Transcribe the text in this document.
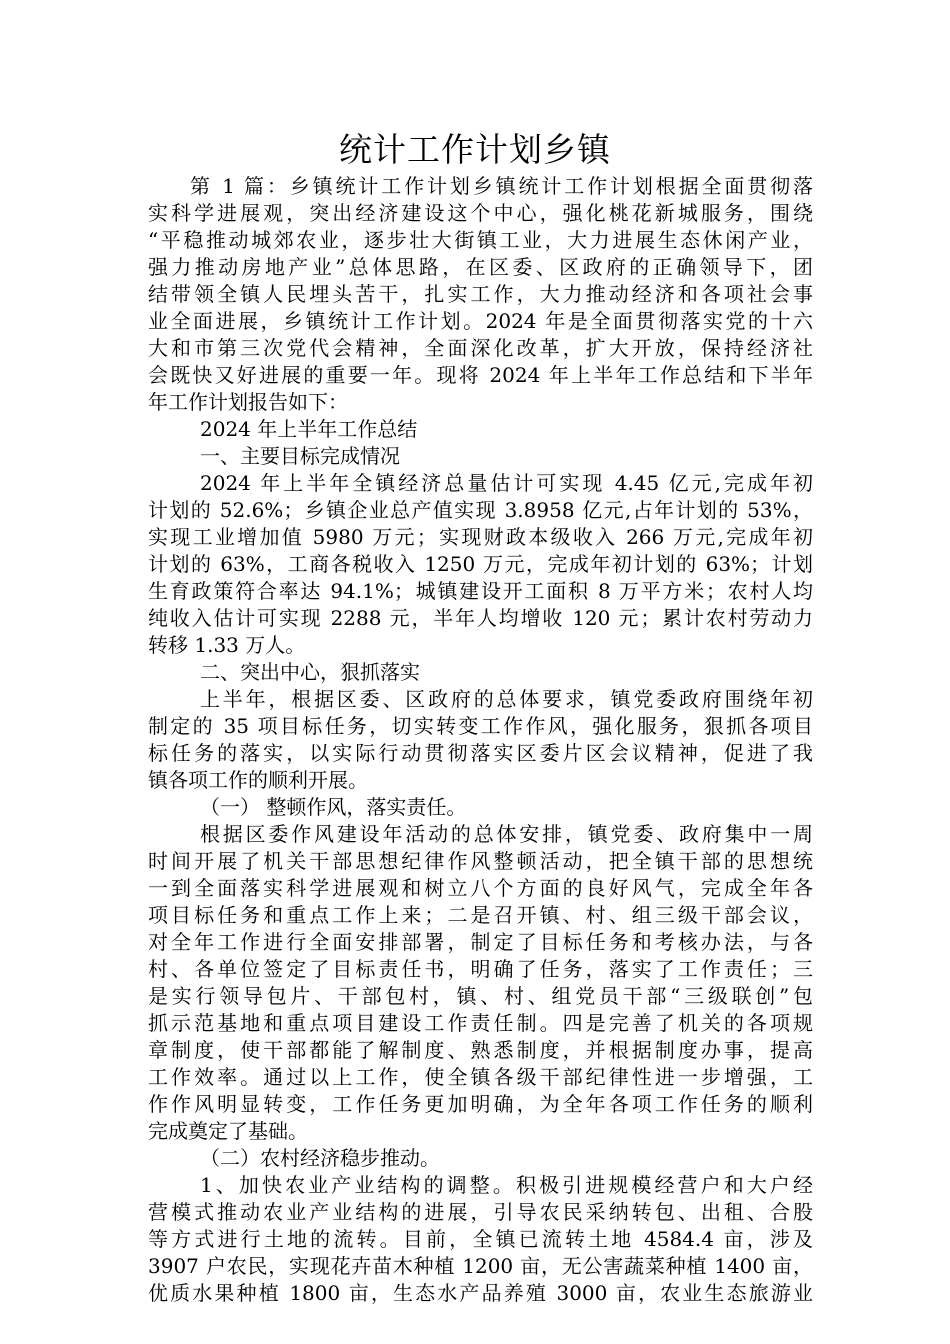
统计工作计划乡镇
第 1 篇：乡镇统计工作计划乡镇统计工作计划根据全面贯彻落
实科学进展观，突出经济建设这个中心，强化桃花新城服务，围绕
“平稳推动城郊农业，逐步壮大街镇工业，大力进展生态休闲产业，
强力推动房地产业”总体思路，在区委、区政府的正确领导下，团
结带领全镇人民埋头苦干，扎实工作，大力推动经济和各项社会事
业全面进展，乡镇统计工作计划。2024 年是全面贯彻落实党的十六
大和市第三次党代会精神，全面深化改革，扩大开放，保持经济社
会既快又好进展的重要一年。现将 2024 年上半年工作总结和下半年
年工作计划报告如下：
2024 年上半年工作总结
一、主要目标完成情况
2024 年上半年全镇经济总量估计可实现 4.45 亿元,完成年初
计划的 52.6%；乡镇企业总产值实现 3.8958 亿元,占年计划的 53%，
实现工业增加值 5980 万元；实现财政本级收入 266 万元,完成年初
计划的 63%，工商各税收入 1250 万元，完成年初计划的 63%；计划
生育政策符合率达 94.1%；城镇建设开工面积 8 万平方米；农村人均
纯收入估计可实现 2288 元，半年人均增收 120 元；累计农村劳动力
转移 1.33 万人。
二、突出中心，狠抓落实
上半年，根据区委、区政府的总体要求，镇党委政府围绕年初
制定的 35 项目标任务，切实转变工作作风，强化服务，狠抓各项目
标任务的落实，以实际行动贯彻落实区委片区会议精神，促进了我
镇各项工作的顺利开展。
（一） 整顿作风，落实责任。
根据区委作风建设年活动的总体安排，镇党委、政府集中一周
时间开展了机关干部思想纪律作风整顿活动，把全镇干部的思想统
一到全面落实科学进展观和树立八个方面的良好风气，完成全年各
项目标任务和重点工作上来；二是召开镇、村、组三级干部会议，
对全年工作进行全面安排部署，制定了目标任务和考核办法，与各
村、各单位签定了目标责任书，明确了任务，落实了工作责任；三
是实行领导包片、干部包村，镇、村、组党员干部“三级联创”包
抓示范基地和重点项目建设工作责任制。四是完善了机关的各项规
章制度，使干部都能了解制度、熟悉制度，并根据制度办事，提高
工作效率。通过以上工作，使全镇各级干部纪律性进一步增强，工
作作风明显转变，工作任务更加明确，为全年各项工作任务的顺利
完成奠定了基础。
（二）农村经济稳步推动。
1、加快农业产业结构的调整。积极引进规模经营户和大户经
营模式推动农业产业结构的进展，引导农民采纳转包、出租、合股
等方式进行土地的流转。目前，全镇已流转土地 4584.4 亩，涉及
3907 户农民，实现花卉苗木种植 1200 亩，无公害蔬菜种植 1400 亩，
优质水果种植 1800 亩，生态水产品养殖 3000 亩，农业生态旅游业
